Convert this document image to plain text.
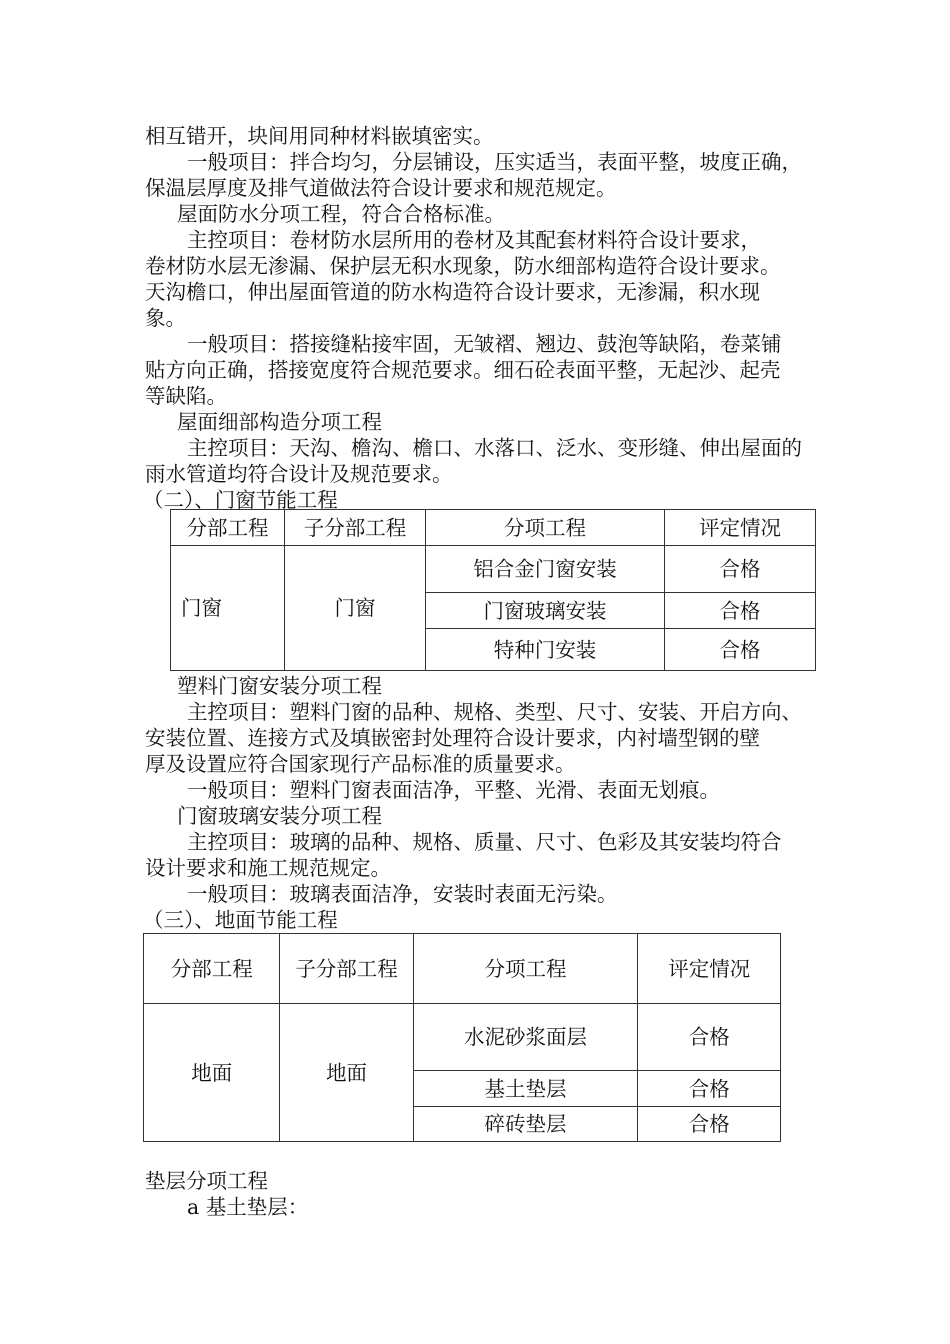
相互错开，块间用同种材料嵌填密实。
一般项目：拌合均匀，分层铺设，压实适当，表面平整，坡度正确，
保温层厚度及排气道做法符合设计要求和规范规定。
屋面防水分项工程，符合合格标准。
主控项目：卷材防水层所用的卷材及其配套材料符合设计要求，
卷材防水层无渗漏、保护层无积水现象，防水细部构造符合设计要求。
天沟檐口，伸出屋面管道的防水构造符合设计要求，无渗漏，积水现
象。
一般项目：搭接缝粘接牢固，无皱褶、翘边、鼓泡等缺陷，卷菜铺
贴方向正确，搭接宽度符合规范要求。细石砼表面平整，无起沙、起壳
等缺陷。
屋面细部构造分项工程
主控项目：天沟、檐沟、檐口、水落口、泛水、变形缝、伸出屋面的
雨水管道均符合设计及规范要求。
（二）、门窗节能工程
分部工程	子分部工程	分项工程	评定情况
门窗	门窗	铝合金门窗安装	合格
		门窗玻璃安装	合格
		特种门安装	合格
塑料门窗安装分项工程
主控项目：塑料门窗的品种、规格、类型、尺寸、安装、开启方向、
安装位置、连接方式及填嵌密封处理符合设计要求，内衬墙型钢的壁
厚及设置应符合国家现行产品标准的质量要求。
一般项目：塑料门窗表面洁净，平整、光滑、表面无划痕。
门窗玻璃安装分项工程
主控项目：玻璃的品种、规格、质量、尺寸、色彩及其安装均符合
设计要求和施工规范规定。
一般项目：玻璃表面洁净，安装时表面无污染。
（三）、地面节能工程
分部工程	子分部工程	分项工程	评定情况
地面	地面	水泥砂浆面层	合格
		基土垫层	合格
		碎砖垫层	合格
垫层分项工程
a 基土垫层：
